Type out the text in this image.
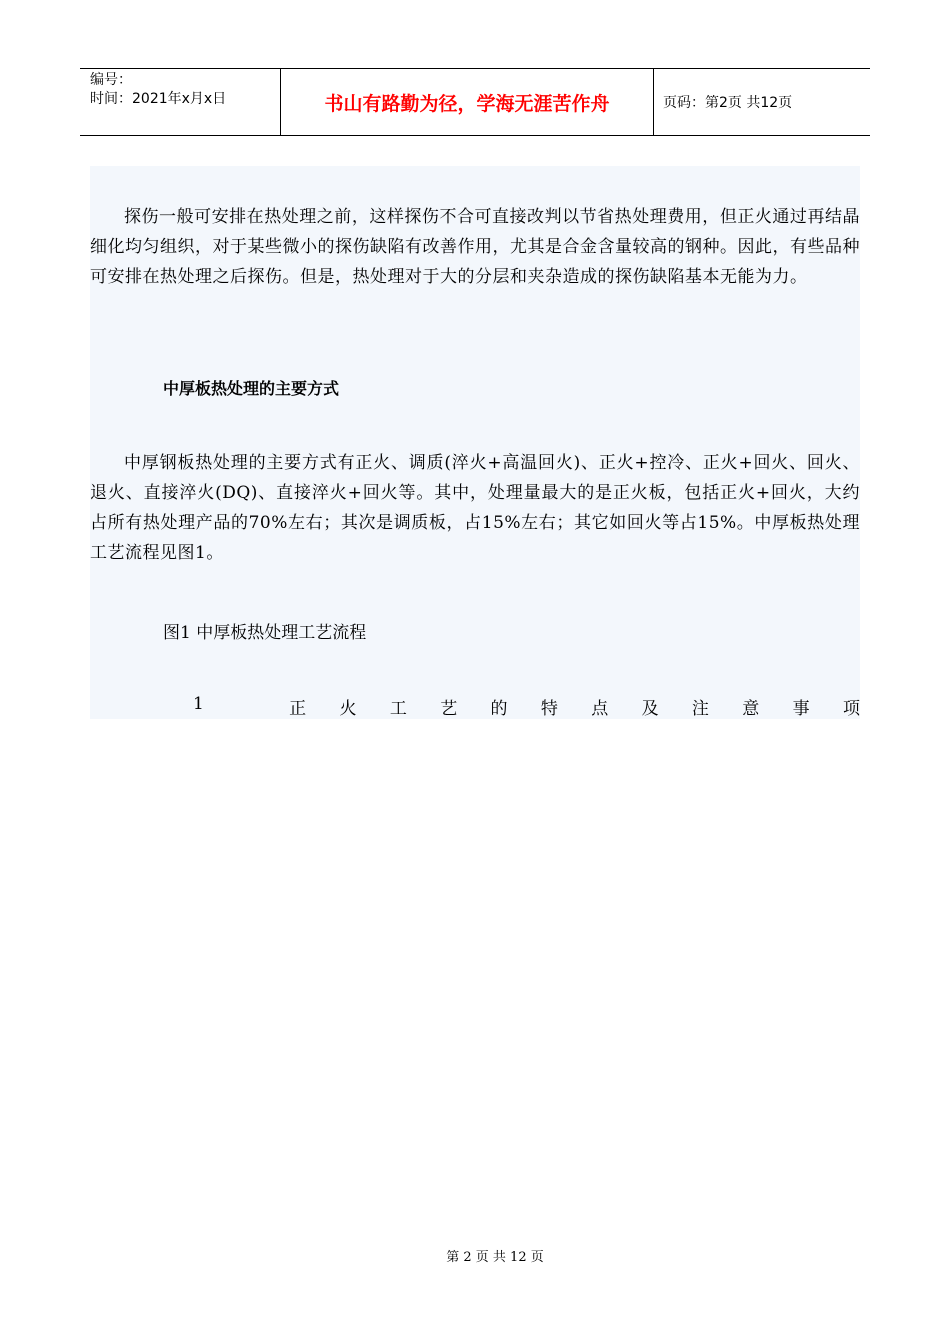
编号：
时间：2021年x月x日	书山有路勤为径，学海无涯苦作舟	页码：第2页 共12页

探伤一般可安排在热处理之前，这样探伤不合可直接改判以节省热处理费用，但正火通过再结晶细化均匀组织，对于某些微小的探伤缺陷有改善作用，尤其是合金含量较高的钢种。因此，有些品种可安排在热处理之后探伤。但是，热处理对于大的分层和夹杂造成的探伤缺陷基本无能为力。

中厚板热处理的主要方式

中厚钢板热处理的主要方式有正火、调质(淬火+高温回火)、正火+控冷、正火+回火、回火、退火、直接淬火(DQ)、直接淬火+回火等。其中，处理量最大的是正火板，包括正火+回火，大约占所有热处理产品的70%左右；其次是调质板，占15%左右；其它如回火等占15%。中厚板热处理工艺流程见图1。

图1 中厚板热处理工艺流程

1	正 火 工 艺 的 特 点 及 注 意 事 项
第 2 页 共 12 页
